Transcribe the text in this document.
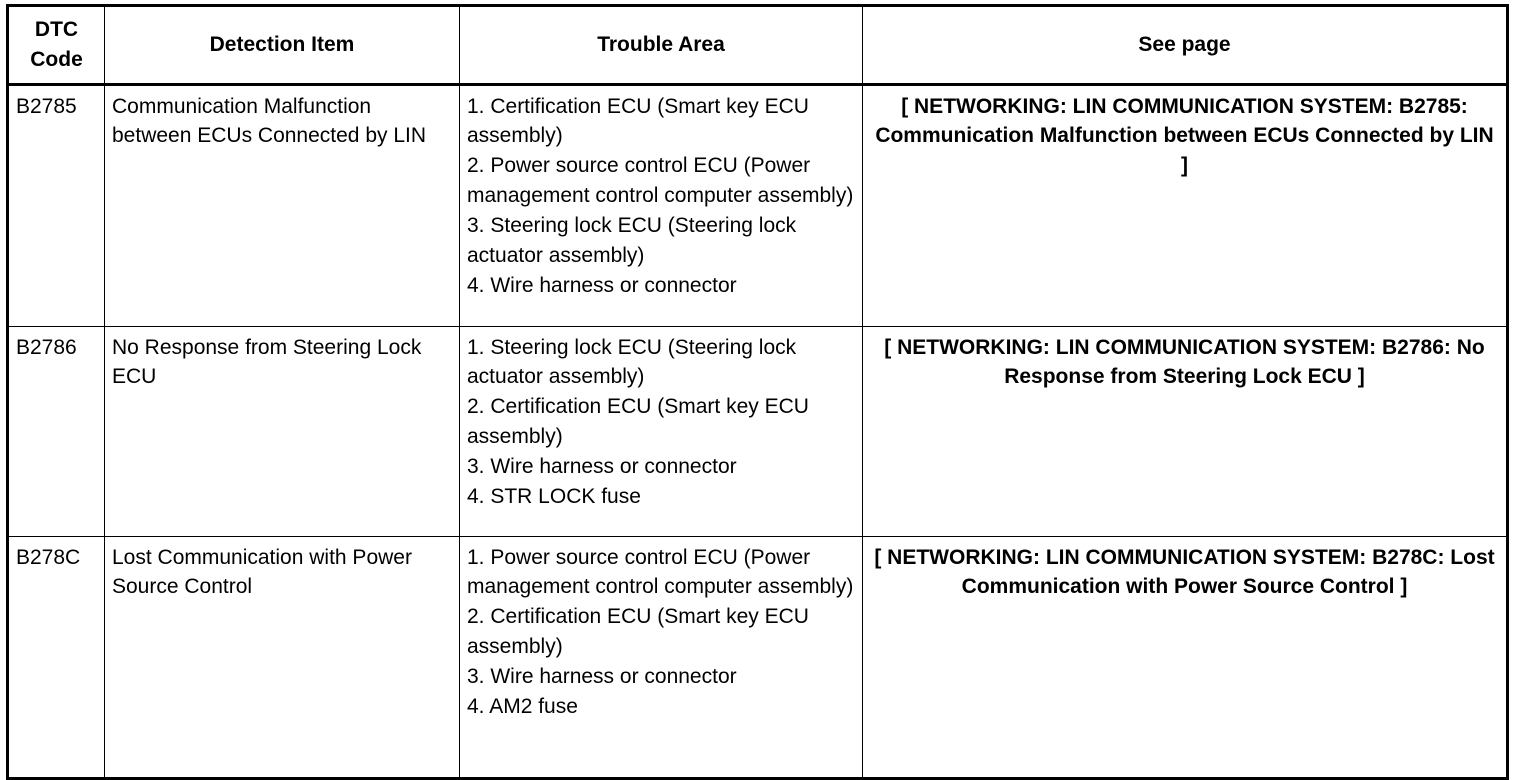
DTC
Code	Detection Item	Trouble Area	See page
B2785	Communication Malfunction between ECUs Connected by LIN	1. Certification ECU (Smart key ECU assembly)
2. Power source control ECU (Power management control computer assembly)
3. Steering lock ECU (Steering lock actuator assembly)
4. Wire harness or connector	[ NETWORKING: LIN COMMUNICATION SYSTEM: B2785: Communication Malfunction between ECUs Connected by LIN ]
B2786	No Response from Steering Lock ECU	1. Steering lock ECU (Steering lock actuator assembly)
2. Certification ECU (Smart key ECU assembly)
3. Wire harness or connector
4. STR LOCK fuse	[ NETWORKING: LIN COMMUNICATION SYSTEM: B2786: No Response from Steering Lock ECU ]
B278C	Lost Communication with Power Source Control	1. Power source control ECU (Power management control computer assembly)
2. Certification ECU (Smart key ECU assembly)
3. Wire harness or connector
4. AM2 fuse	[ NETWORKING: LIN COMMUNICATION SYSTEM: B278C: Lost Communication with Power Source Control ]
